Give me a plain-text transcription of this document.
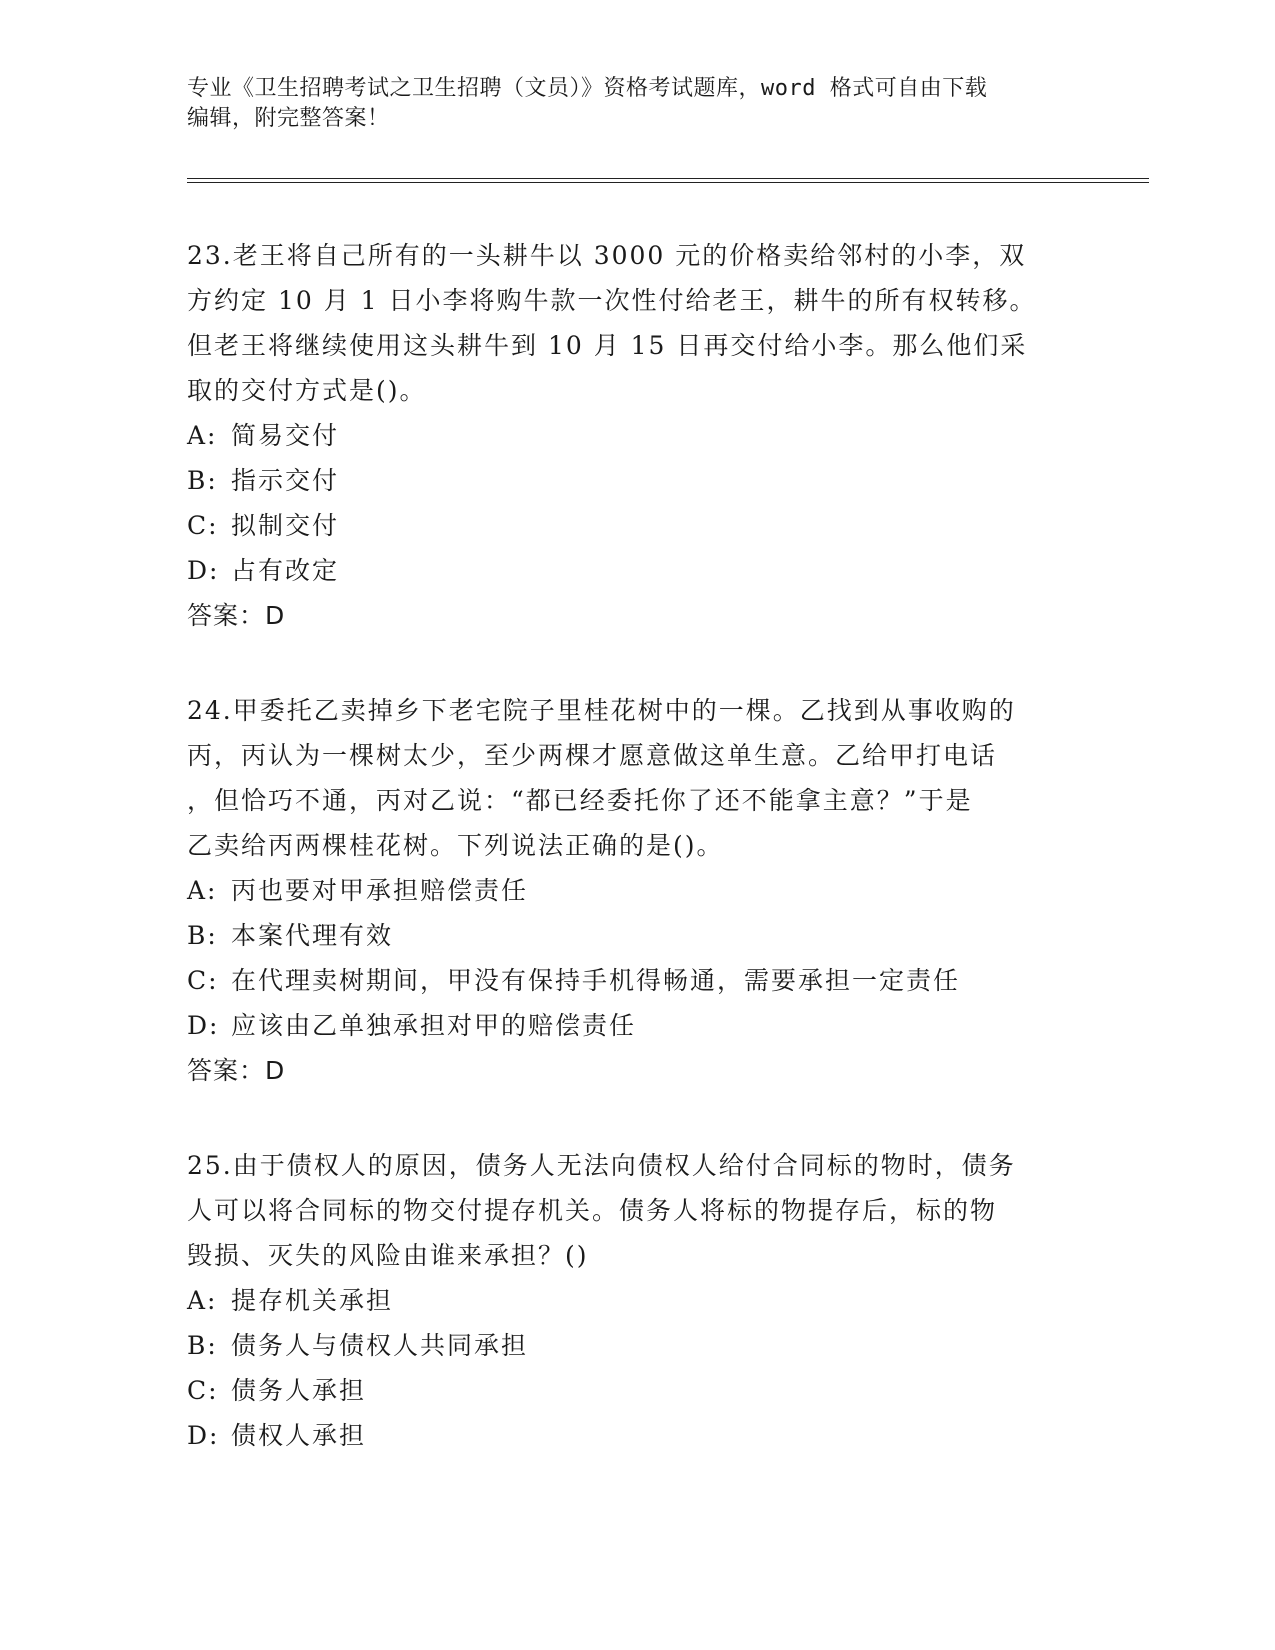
专业《卫生招聘考试之卫生招聘（文员）》资格考试题库，word 格式可自由下载
编辑，附完整答案！

23.老王将自己所有的一头耕牛以 3000 元的价格卖给邻村的小李，双

方约定 10 月 1 日小李将购牛款一次性付给老王，耕牛的所有权转移。

但老王将继续使用这头耕牛到 10 月 15 日再交付给小李。那么他们采

取的交付方式是()。

A: 简易交付

B: 指示交付

C: 拟制交付

D: 占有改定

答案：D

24.甲委托乙卖掉乡下老宅院子里桂花树中的一棵。乙找到从事收购的

丙，丙认为一棵树太少，至少两棵才愿意做这单生意。乙给甲打电话

，但恰巧不通，丙对乙说：“都已经委托你了还不能拿主意？”于是

乙卖给丙两棵桂花树。下列说法正确的是()。

A: 丙也要对甲承担赔偿责任

B: 本案代理有效

C: 在代理卖树期间，甲没有保持手机得畅通，需要承担一定责任

D: 应该由乙单独承担对甲的赔偿责任

答案：D

25.由于债权人的原因，债务人无法向债权人给付合同标的物时，债务

人可以将合同标的物交付提存机关。债务人将标的物提存后，标的物

毁损、灭失的风险由谁来承担？()

A: 提存机关承担

B: 债务人与债权人共同承担

C: 债务人承担

D: 债权人承担
